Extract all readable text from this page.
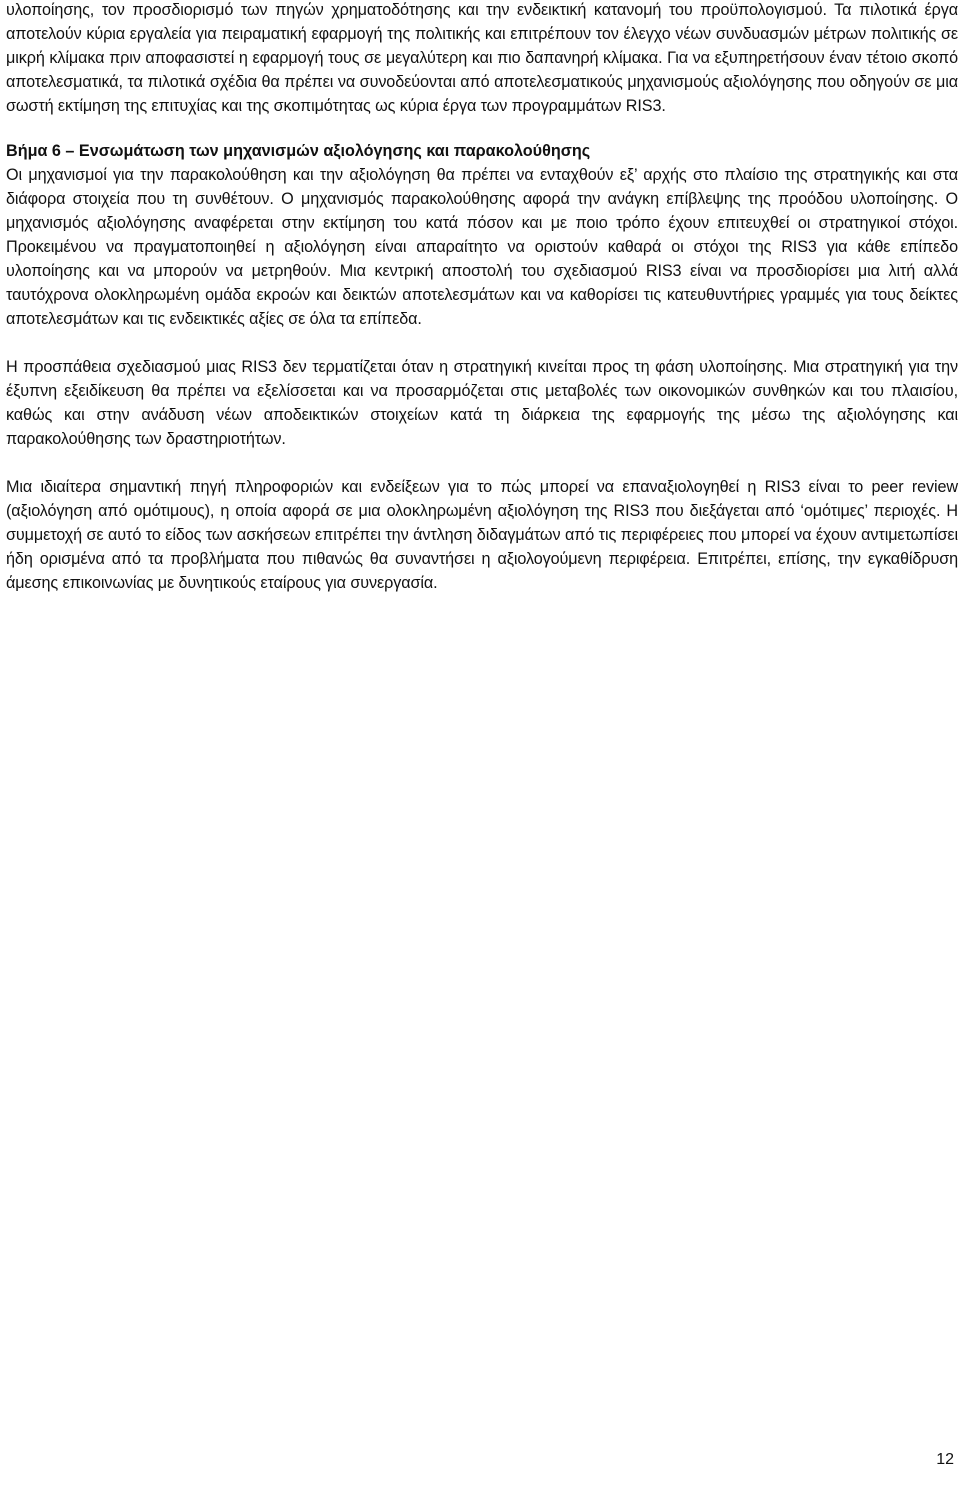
υλοποίησης, τον προσδιορισμό των πηγών χρηματοδότησης και την ενδεικτική κατανομή του προϋπολογισμού. Τα πιλοτικά έργα αποτελούν κύρια εργαλεία για πειραματική εφαρμογή της πολιτικής και επιτρέπουν τον έλεγχο νέων συνδυασμών μέτρων πολιτικής σε μικρή κλίμακα πριν αποφασιστεί η εφαρμογή τους σε μεγαλύτερη και πιο δαπανηρή κλίμακα. Για να εξυπηρετήσουν έναν τέτοιο σκοπό αποτελεσματικά, τα πιλοτικά σχέδια θα πρέπει να συνοδεύονται από αποτελεσματικούς μηχανισμούς αξιολόγησης που οδηγούν σε μια σωστή εκτίμηση της επιτυχίας και της σκοπιμότητας ως κύρια έργα των προγραμμάτων RIS3.

Βήμα 6 – Ενσωμάτωση των μηχανισμών αξιολόγησης και παρακολούθησης

Οι μηχανισμοί για την παρακολούθηση και την αξιολόγηση θα πρέπει να ενταχθούν εξ’ αρχής στο πλαίσιο της στρατηγικής και στα διάφορα στοιχεία που τη συνθέτουν. Ο μηχανισμός παρακολούθησης αφορά την ανάγκη επίβλεψης της προόδου υλοποίησης. Ο μηχανισμός αξιολόγησης αναφέρεται στην εκτίμηση του κατά πόσον και με ποιο τρόπο έχουν επιτευχθεί οι στρατηγικοί στόχοι. Προκειμένου να πραγματοποιηθεί η αξιολόγηση είναι απαραίτητο να οριστούν καθαρά οι στόχοι της RIS3 για κάθε επίπεδο υλοποίησης και να μπορούν να μετρηθούν. Μια κεντρική αποστολή του σχεδιασμού RIS3 είναι να προσδιορίσει μια λιτή αλλά ταυτόχρονα ολοκληρωμένη ομάδα εκροών και δεικτών αποτελεσμάτων και να καθορίσει τις κατευθυντήριες γραμμές για τους δείκτες αποτελεσμάτων και τις ενδεικτικές αξίες σε όλα τα επίπεδα.

Η προσπάθεια σχεδιασμού μιας RIS3 δεν τερματίζεται όταν η στρατηγική κινείται προς τη φάση υλοποίησης. Μια στρατηγική για την έξυπνη εξειδίκευση θα πρέπει να εξελίσσεται και να προσαρμόζεται στις μεταβολές των οικονομικών συνθηκών και του πλαισίου, καθώς και στην ανάδυση νέων αποδεικτικών στοιχείων κατά τη διάρκεια της εφαρμογής της μέσω της αξιολόγησης και παρακολούθησης των δραστηριοτήτων.

Μια ιδιαίτερα σημαντική πηγή πληροφοριών και ενδείξεων για το πώς μπορεί να επαναξιολογηθεί η RIS3 είναι το peer review (αξιολόγηση από ομότιμους), η οποία αφορά σε μια ολοκληρωμένη αξιολόγηση της RIS3 που διεξάγεται από ‘ομότιμες’ περιοχές. Η συμμετοχή σε αυτό το είδος των ασκήσεων επιτρέπει την άντληση διδαγμάτων από τις περιφέρειες που μπορεί να έχουν αντιμετωπίσει ήδη ορισμένα από τα προβλήματα που πιθανώς θα συναντήσει η αξιολογούμενη περιφέρεια. Επιτρέπει, επίσης, την εγκαθίδρυση άμεσης επικοινωνίας με δυνητικούς εταίρους για συνεργασία.

12
